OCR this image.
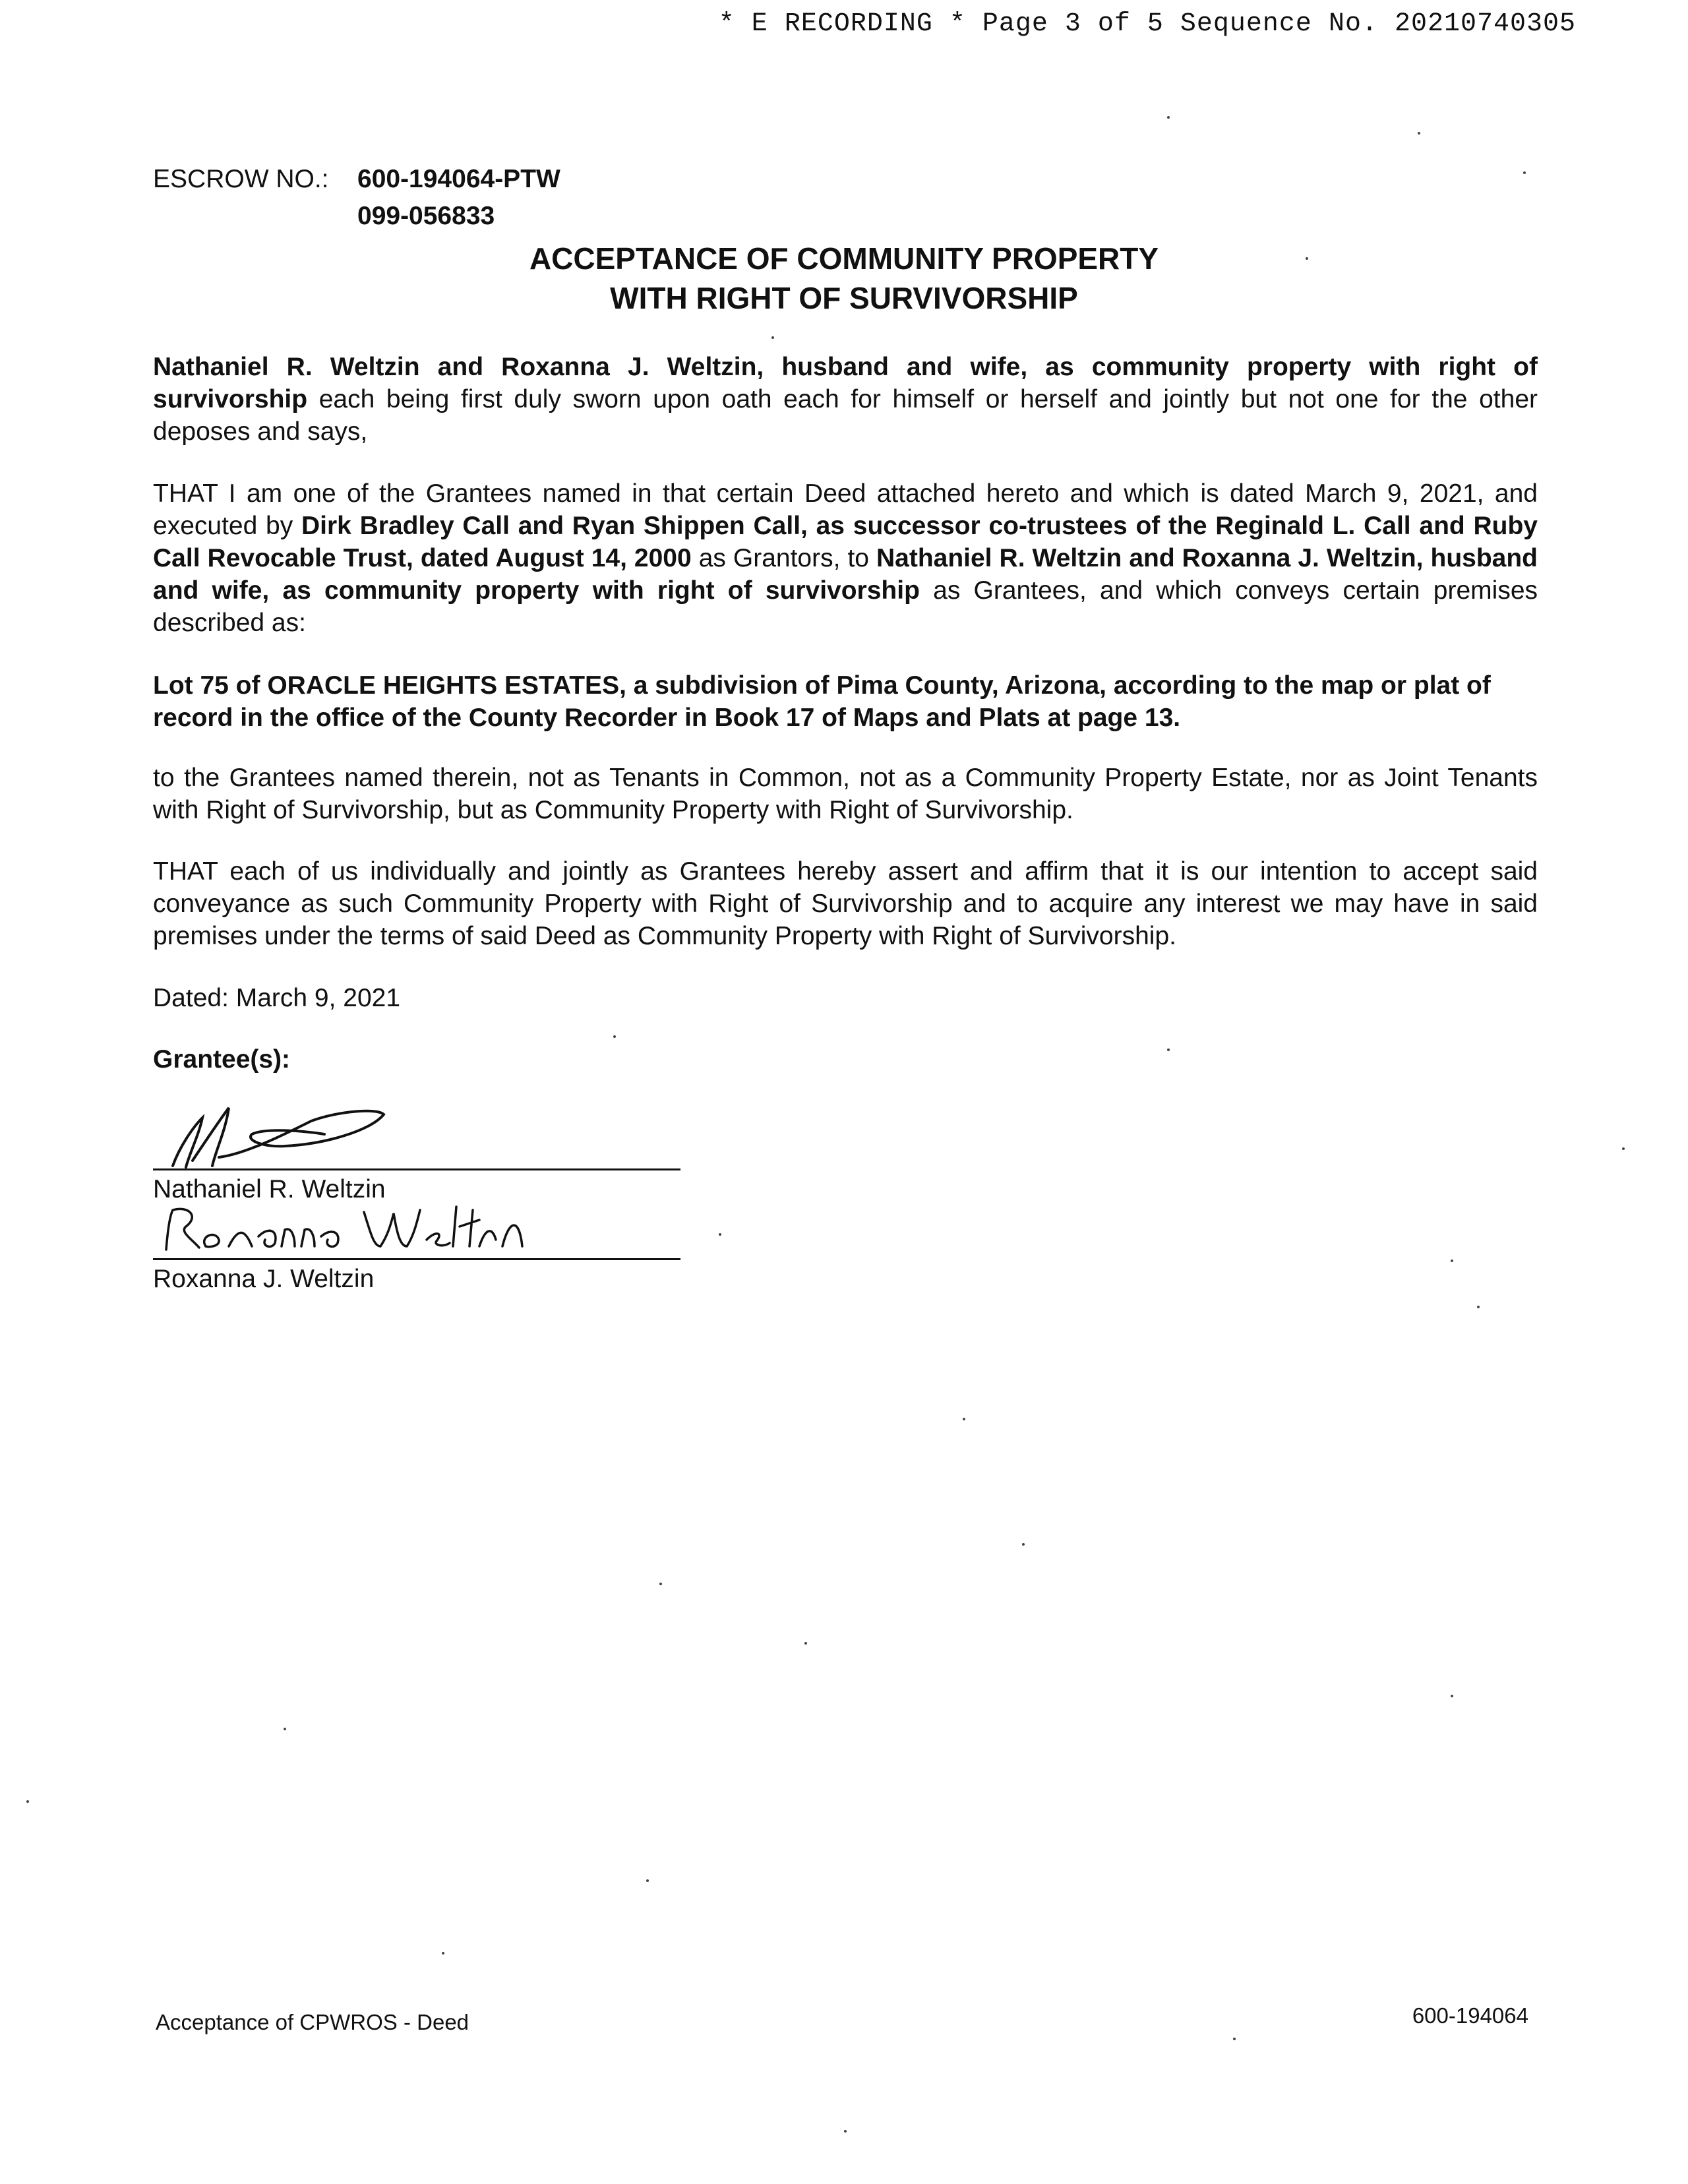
* E RECORDING * Page 3 of 5 Sequence No. 20210740305
ESCROW NO.: 600-194064-PTW
099-056833
ACCEPTANCE OF COMMUNITY PROPERTY
WITH RIGHT OF SURVIVORSHIP
Nathaniel R. Weltzin and Roxanna J. Weltzin, husband and wife, as community property with right of survivorship each being first duly sworn upon oath each for himself or herself and jointly but not one for the other deposes and says,
THAT I am one of the Grantees named in that certain Deed attached hereto and which is dated March 9, 2021, and executed by Dirk Bradley Call and Ryan Shippen Call, as successor co-trustees of the Reginald L. Call and Ruby Call Revocable Trust, dated August 14, 2000 as Grantors, to Nathaniel R. Weltzin and Roxanna J. Weltzin, husband and wife, as community property with right of survivorship as Grantees, and which conveys certain premises described as:
Lot 75 of ORACLE HEIGHTS ESTATES, a subdivision of Pima County, Arizona, according to the map or plat of record in the office of the County Recorder in Book 17 of Maps and Plats at page 13.
to the Grantees named therein, not as Tenants in Common, not as a Community Property Estate, nor as Joint Tenants with Right of Survivorship, but as Community Property with Right of Survivorship.
THAT each of us individually and jointly as Grantees hereby assert and affirm that it is our intention to accept said conveyance as such Community Property with Right of Survivorship and to acquire any interest we may have in said premises under the terms of said Deed as Community Property with Right of Survivorship.
Dated: March 9, 2021
Grantee(s):
Nathaniel R. Weltzin
Roxanna J. Weltzin
Acceptance of CPWROS - Deed	600-194064
